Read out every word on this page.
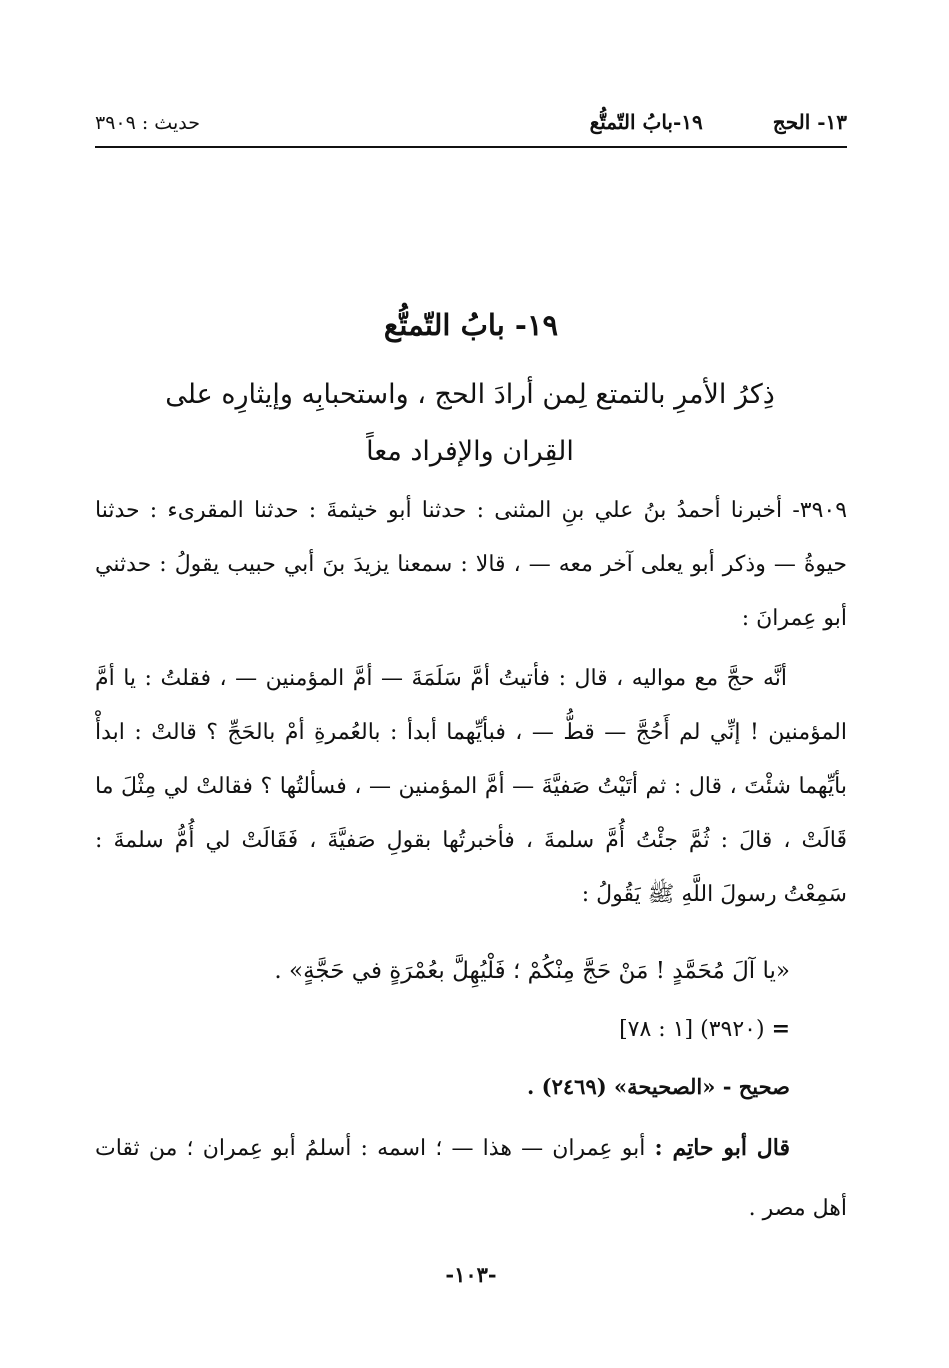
١٣- الحج١٩-بابُ التّمتُّع
حديث : ٣٩٠٩
١٩- بابُ التّمتُّع
ذِكرُ الأمرِ بالتمتع لِمن أرادَ الحج ، واستحبابِه وإيثارِه على القِران والإفراد معاً
٣٩٠٩- أخبرنا أحمدُ بنُ علي بنِ المثنى : حدثنا أبو خيثمةَ : حدثنا المقرىء : حدثنا حيوةُ — وذكر أبو يعلى آخر معه — ، قالا : سمعنا يزيدَ بنَ أبي حبيب يقولُ : حدثني أبو عِمرانَ :
أنَّه حجَّ مع مواليه ، قال : فأتيتُ أمَّ سَلَمَةَ — أمَّ المؤمنين — ، فقلتُ : يا أمَّ المؤمنين ! إنِّي لم أَحُجَّ — قطُّ — ، فبأيِّهما أبدأ : بالعُمرةِ أمْ بالحَجِّ ؟ قالتْ : ابدأْ بأيِّهما شئْتَ ، قال : ثم أتَيْتُ صَفيَّةَ — أمَّ المؤمنين — ، فسألتُها ؟ فقالتْ لي مِثْلَ ما قَالَتْ ، قالَ : ثُمَّ جئْتُ أُمَّ سلمةَ ، فأخبرتُها بقولِ صَفيَّةَ ، فَقَالَتْ لي أُمُّ سلمةَ : سَمِعْتُ رسولَ اللَّهِ ﷺ يَقُولُ :
«يا آلَ مُحَمَّدٍ ! مَنْ حَجَّ مِنْكُمْ ؛ فَلْيُهِلَّ بعُمْرَةٍ في حَجَّةٍ» .
= (٣٩٢٠) [١ : ٧٨]
صحيح - «الصحيحة» (٢٤٦٩) .
قال أبو حاتِم : أبو عِمران — هذا — ؛ اسمه : أسلمُ أبو عِمران ؛ من ثقات أهل مصر .
-١٠٣-
